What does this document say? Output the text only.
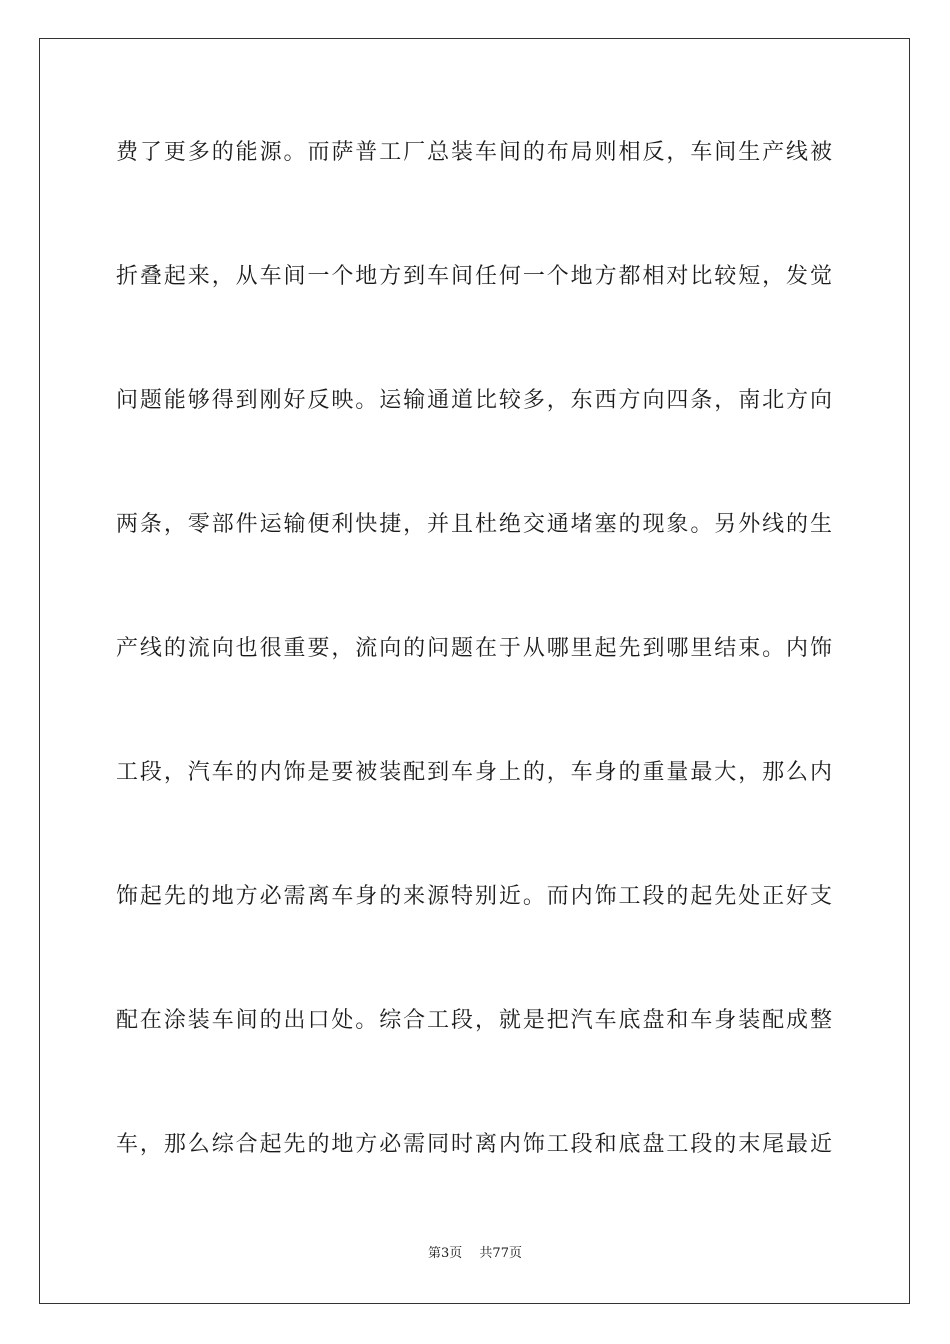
费了更多的能源。而萨普工厂总装车间的布局则相反，车间生产线被
折叠起来，从车间一个地方到车间任何一个地方都相对比较短，发觉
问题能够得到刚好反映。运输通道比较多，东西方向四条，南北方向
两条，零部件运输便利快捷，并且杜绝交通堵塞的现象。另外线的生
产线的流向也很重要，流向的问题在于从哪里起先到哪里结束。内饰
工段，汽车的内饰是要被装配到车身上的，车身的重量最大，那么内
饰起先的地方必需离车身的来源特别近。而内饰工段的起先处正好支
配在涂装车间的出口处。综合工段，就是把汽车底盘和车身装配成整
车，那么综合起先的地方必需同时离内饰工段和底盘工段的末尾最近
第3页　 共77页
